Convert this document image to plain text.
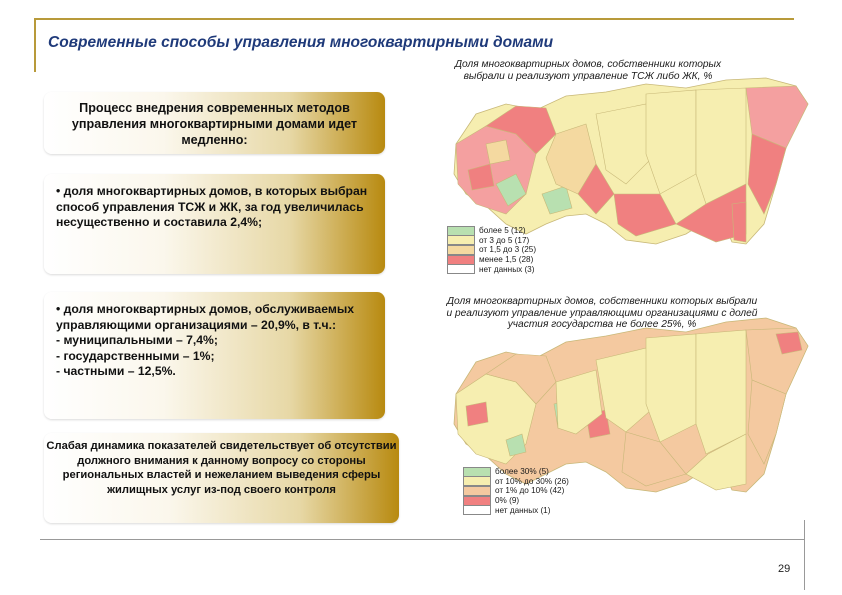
Современные способы управления многоквартирными домами
Процесс внедрения современных методов управления многоквартирными домами идет медленно:
• доля многоквартирных домов, в которых выбран способ управления ТСЖ и ЖК, за год увеличилась несущественно и составила 2,4%;
• доля многоквартирных домов, обслуживаемых управляющими организациями – 20,9%, в т.ч.:
- муниципальными – 7,4%;
- государственными – 1%;
- частными – 12,5%.
Слабая динамика показателей свидетельствует об отсутствии должного внимания к данному вопросу со стороны региональных властей и нежеланием выведения сферы жилищных услуг из-под своего контроля
Доля многоквартирных домов, собственники которых
выбрали и реализуют управление ТСЖ либо ЖК, %
более 5 (12)
от 3 до 5 (17)
от 1,5 до 3 (25)
менее 1,5 (28)
нет данных (3)
Доля многоквартирных домов, собственники которых выбрали
и реализуют управление управляющими организациями с долей
участия государства не более 25%, %
более 30% (5)
от 10% до 30% (26)
от 1% до 10% (42)
0% (9)
нет данных (1)
29
